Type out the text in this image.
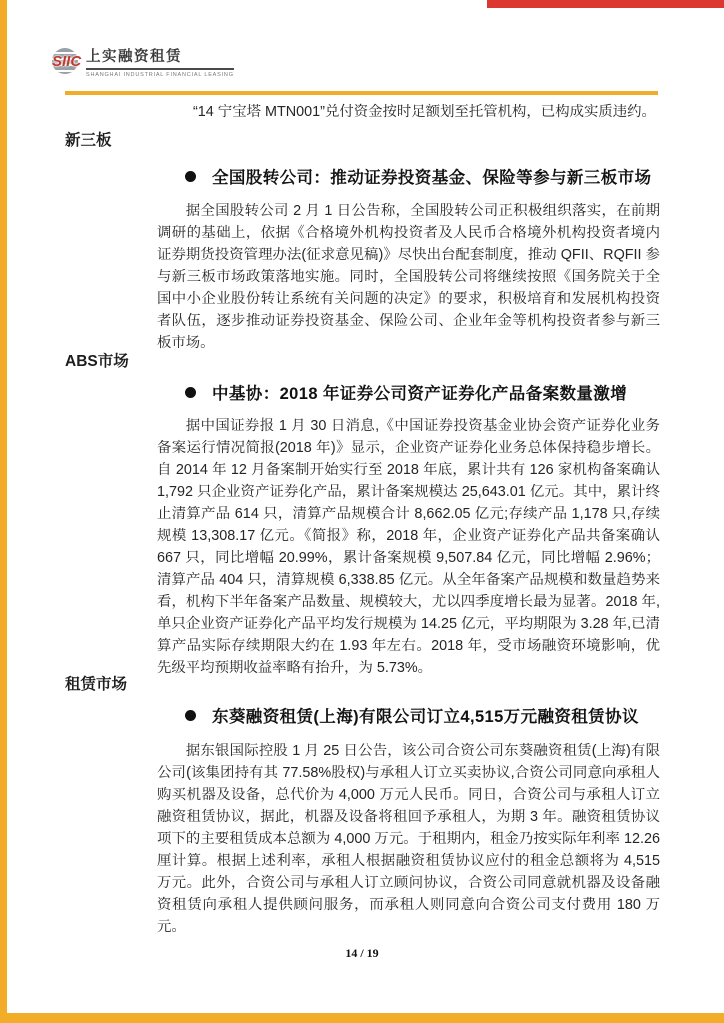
SIIC 上实融资租赁
SHANGHAI INDUSTRIAL FINANCIAL LEASING
“14 宁宝塔 MTN001”兑付资金按时足额划至托管机构，已构成实质违约。
新三板
全国股转公司：推动证券投资基金、保险等参与新三板市场

据全国股转公司 2 月 1 日公告称，全国股转公司正积极组织落实，在前期调研的基础上，依据《合格境外机构投资者及人民币合格境外机构投资者境内证券期货投资管理办法(征求意见稿)》尽快出台配套制度，推动 QFII、RQFII 参与新三板市场政策落地实施。同时，全国股转公司将继续按照《国务院关于全国中小企业股份转让系统有关问题的决定》的要求，积极培育和发展机构投资者队伍，逐步推动证券投资基金、保险公司、企业年金等机构投资者参与新三板市场。

ABS市场
中基协：2018 年证券公司资产证券化产品备案数量激增

据中国证券报 1 月 30 日消息,《中国证券投资基金业协会资产证券化业务备案运行情况简报(2018 年)》显示，企业资产证券化业务总体保持稳步增长。自 2014 年 12 月备案制开始实行至 2018 年底，累计共有 126 家机构备案确认 1,792 只企业资产证券化产品，累计备案规模达 25,643.01 亿元。其中，累计终止清算产品 614 只，清算产品规模合计 8,662.05 亿元;存续产品 1,178 只,存续规模 13,308.17 亿元。《简报》称，2018 年，企业资产证券化产品共备案确认 667 只，同比增幅 20.99%，累计备案规模 9,507.84 亿元，同比增幅 2.96%；清算产品 404 只，清算规模 6,338.85 亿元。从全年备案产品规模和数量趋势来看，机构下半年备案产品数量、规模较大，尤以四季度增长最为显著。2018 年,单只企业资产证券化产品平均发行规模为 14.25 亿元，平均期限为 3.28 年,已清算产品实际存续期限大约在 1.93 年左右。2018 年，受市场融资环境影响，优先级平均预期收益率略有抬升，为 5.73%。

租赁市场
东葵融资租赁(上海)有限公司订立4,515万元融资租赁协议

据东银国际控股 1 月 25 日公告，该公司合资公司东葵融资租赁(上海)有限公司(该集团持有其 77.58%股权)与承租人订立买卖协议,合资公司同意向承租人购买机器及设备，总代价为 4,000 万元人民币。同日，合资公司与承租人订立融资租赁协议，据此，机器及设备将租回予承租人，为期 3 年。融资租赁协议项下的主要租赁成本总额为 4,000 万元。于租期内，租金乃按实际年利率 12.26 厘计算。根据上述利率，承租人根据融资租赁协议应付的租金总额将为 4,515 万元。此外，合资公司与承租人订立顾问协议，合资公司同意就机器及设备融资租赁向承租人提供顾问服务，而承租人则同意向合资公司支付费用 180 万元。

14 / 19
